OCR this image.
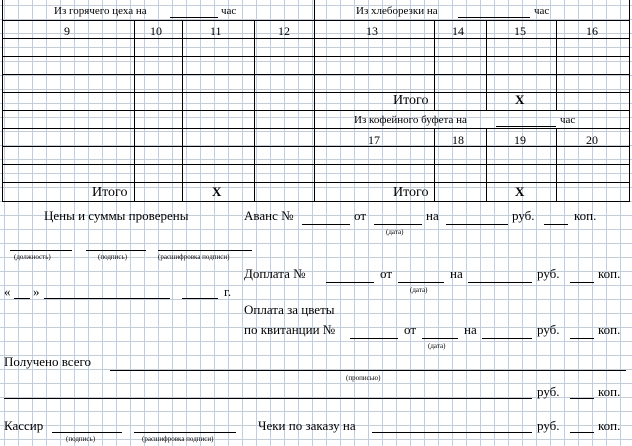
Из горячего цеха на	час	Из хлеборезки на	час
9	10	11	12	13	14	15	16
Итого	X
Из кофейного буфета на	час
17	18	19	20
Итого	X	Итого	X
Цены и суммы проверены	Аванс №	от
(дата)
на	руб.	коп.
(должность)	(подпись)	(расшифровка подписи)
Доплата №	от
(дата)
на	руб.	коп.
« »	г.
Оплата за цветы
по квитанции №	от
(дата)
на	руб.	коп.
Получено всего
(прописью)
руб.	коп.
Кассир
(подпись)	(расшифровка подписи)
Чеки по заказу на	руб.	коп.
